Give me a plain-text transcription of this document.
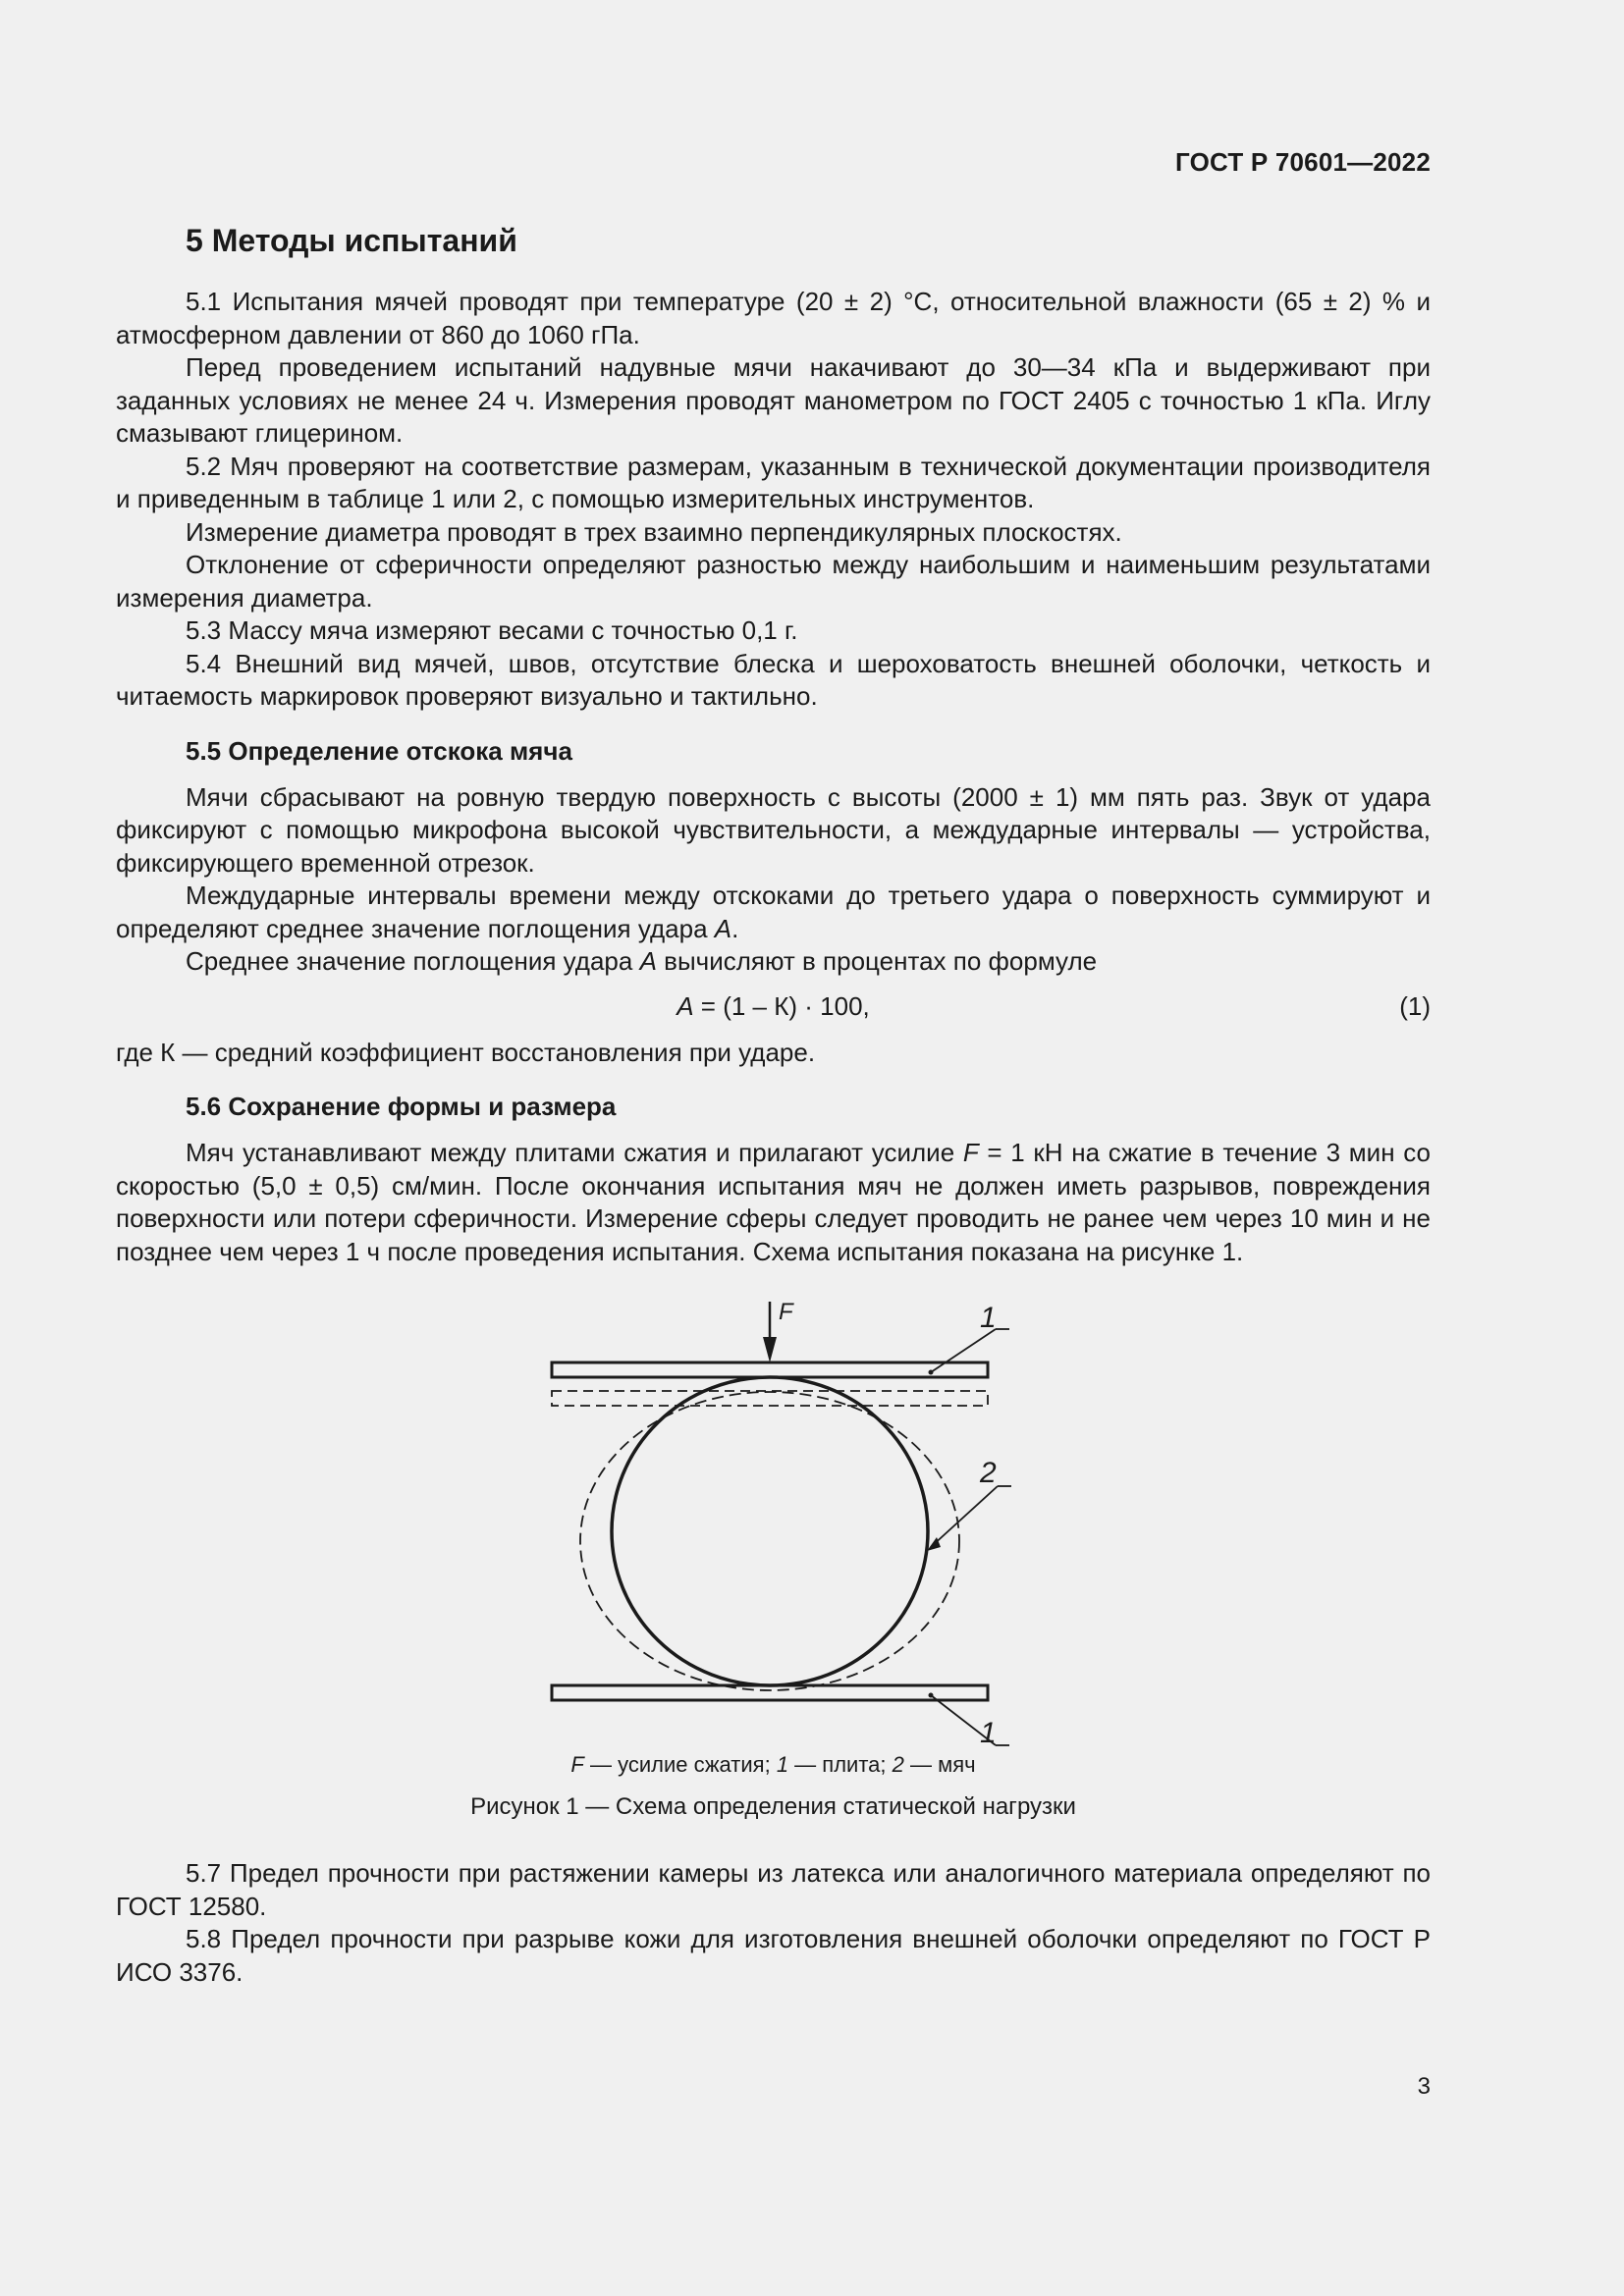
ГОСТ Р 70601—2022
5 Методы испытаний

5.1 Испытания мячей проводят при температуре (20 ± 2) °С, относительной влажности (65 ± 2) % и атмосферном давлении от 860 до 1060 гПа.

Перед проведением испытаний надувные мячи накачивают до 30—34 кПа и выдерживают при заданных условиях не менее 24 ч. Измерения проводят манометром по ГОСТ 2405 с точностью 1 кПа. Иглу смазывают глицерином.

5.2 Мяч проверяют на соответствие размерам, указанным в технической документации производителя и приведенным в таблице 1 или 2, с помощью измерительных инструментов.

Измерение диаметра проводят в трех взаимно перпендикулярных плоскостях.

Отклонение от сферичности определяют разностью между наибольшим и наименьшим результатами измерения диаметра.

5.3 Массу мяча измеряют весами с точностью 0,1 г.

5.4 Внешний вид мячей, швов, отсутствие блеска и шероховатость внешней оболочки, четкость и читаемость маркировок проверяют визуально и тактильно.

5.5 Определение отскока мяча

Мячи сбрасывают на ровную твердую поверхность с высоты (2000 ± 1) мм пять раз. Звук от удара фиксируют с помощью микрофона высокой чувствительности, а междударные интервалы — устройства, фиксирующего временной отрезок.

Междударные интервалы времени между отскоками до третьего удара о поверхность суммируют и определяют среднее значение поглощения удара А.

Среднее значение поглощения удара А вычисляют в процентах по формуле

А = (1 – К) · 100,	(1)

где К — средний коэффициент восстановления при ударе.

5.6 Сохранение формы и размера

Мяч устанавливают между плитами сжатия и прилагают усилие F = 1 кН на сжатие в течение 3 мин со скоростью (5,0 ± 0,5) см/мин. После окончания испытания мяч не должен иметь разрывов, повреждения поверхности или потери сферичности. Измерение сферы следует проводить не ранее чем через 10 мин и не позднее чем через 1 ч после проведения испытания. Схема испытания показана на рисунке 1.

F	1
2
1
F — усилие сжатия; 1 — плита; 2 — мяч
Рисунок 1 — Схема определения статической нагрузки

5.7 Предел прочности при растяжении камеры из латекса или аналогичного материала определяют по ГОСТ 12580.

5.8 Предел прочности при разрыве кожи для изготовления внешней оболочки определяют по ГОСТ Р ИСО 3376.

3
